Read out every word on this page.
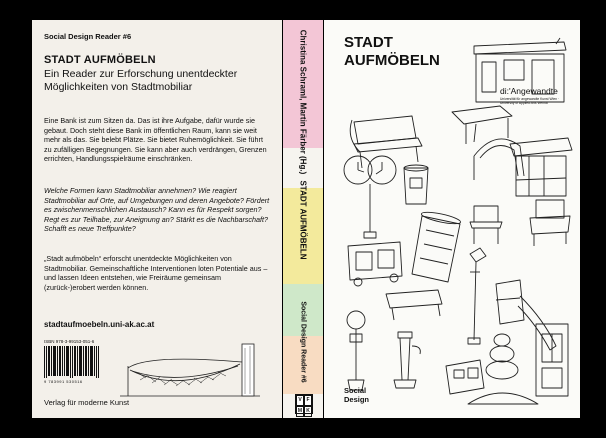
Social Design Reader #6
STADT AUFMÖBELN
Ein Reader zur Erforschung unentdeckter Möglichkeiten von Stadtmobiliar

Eine Bank ist zum Sitzen da. Das ist ihre Aufgabe, dafür wurde sie gebaut. Doch steht diese Bank im öffentlichen Raum, kann sie weit mehr als das. Sie belebt Plätze. Sie bietet Ruhemöglichkeit. Sie führt zu zufälligen Begegnungen. Sie kann aber auch verdrängen, Grenzen errichten, Handlungsspielräume einschränken.

Welche Formen kann Stadtmobiliar annehmen? Wie reagiert Stadtmobiliar auf Orte, auf Umgebungen und deren Angebote? Fördert es zwischenmenschlichen Austausch? Kann es für Respekt sorgen? Regt es zur Teilhabe, zur Aneignung an? Stärkt es die Nachbarschaft? Schafft es neue Treffpunkte?

„Stadt aufmöbeln“ erforscht unentdeckte Möglichkeiten von Stadtmobiliar. Gemeinschaftliche Interventionen loten Potentiale aus – und lassen Ideen entstehen, wie Freiräume gemeinsam (zurück-)erobert werden können.

stadtaufmoebeln.uni-ak.ac.at
ISBN 978-3-99153-051-6
9 783991 530516
Verlag für moderne Kunst
Christina Schraml, Martin Färber (Hg.)
STADT AUFMÖBELN
Social Design Reader #6
V F
M K
STADT
AUFMÖBELN
di:'Angewandte
Universität für angewandte Kunst Wien · University of Applied Arts Vienna
Social
Design
